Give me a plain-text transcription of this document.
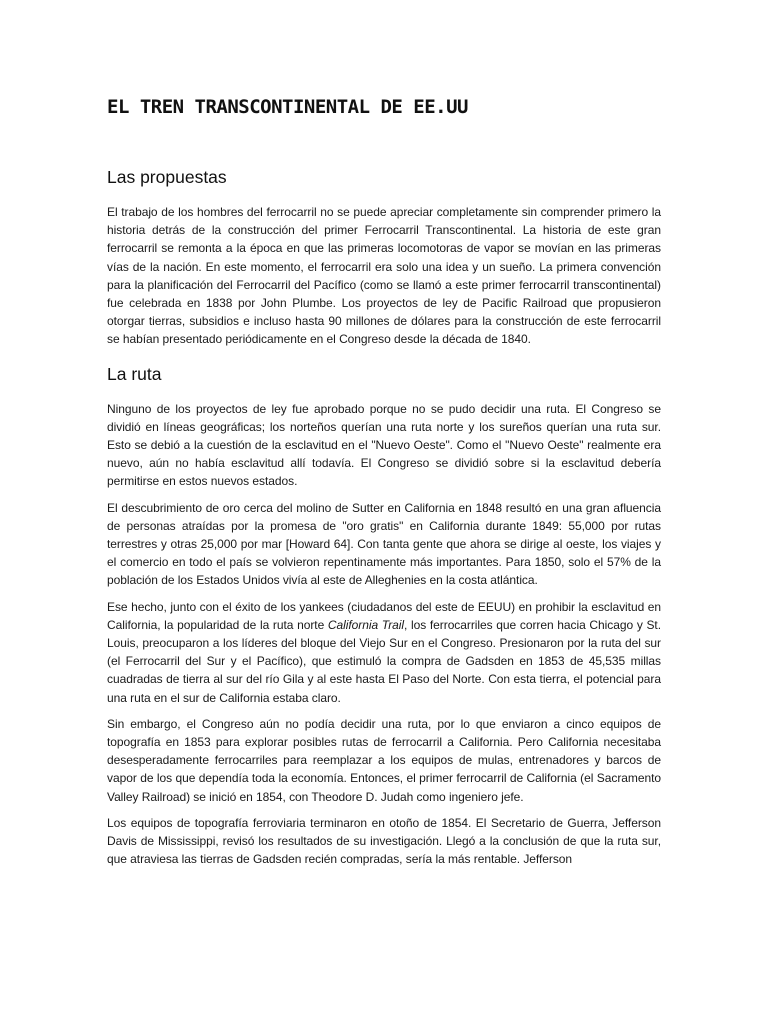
EL TREN TRANSCONTINENTAL DE EE.UU
Las propuestas

El trabajo de los hombres del ferrocarril no se puede apreciar completamente sin comprender primero la historia detrás de la construcción del primer Ferrocarril Transcontinental. La historia de este gran ferrocarril se remonta a la época en que las primeras locomotoras de vapor se movían en las primeras vías de la nación. En este momento, el ferrocarril era solo una idea y un sueño. La primera convención para la planificación del Ferrocarril del Pacífico (como se llamó a este primer ferrocarril transcontinental) fue celebrada en 1838 por John Plumbe. Los proyectos de ley de Pacific Railroad que propusieron otorgar tierras, subsidios e incluso hasta 90 millones de dólares para la construcción de este ferrocarril se habían presentado periódicamente en el Congreso desde la década de 1840.

La ruta

Ninguno de los proyectos de ley fue aprobado porque no se pudo decidir una ruta. El Congreso se dividió en líneas geográficas; los norteños querían una ruta norte y los sureños querían una ruta sur. Esto se debió a la cuestión de la esclavitud en el "Nuevo Oeste". Como el "Nuevo Oeste" realmente era nuevo, aún no había esclavitud allí todavía. El Congreso se dividió sobre si la esclavitud debería permitirse en estos nuevos estados.

El descubrimiento de oro cerca del molino de Sutter en California en 1848 resultó en una gran afluencia de personas atraídas por la promesa de "oro gratis" en California durante 1849: 55,000 por rutas terrestres y otras 25,000 por mar [Howard 64]. Con tanta gente que ahora se dirige al oeste, los viajes y el comercio en todo el país se volvieron repentinamente más importantes. Para 1850, solo el 57% de la población de los Estados Unidos vivía al este de Alleghenies en la costa atlántica.

Ese hecho, junto con el éxito de los yankees (ciudadanos del este de EEUU) en prohibir la esclavitud en California, la popularidad de la ruta norte California Trail, los ferrocarriles que corren hacia Chicago y St. Louis, preocuparon a los líderes del bloque del Viejo Sur en el Congreso. Presionaron por la ruta del sur (el Ferrocarril del Sur y el Pacífico), que estimuló la compra de Gadsden en 1853 de 45,535 millas cuadradas de tierra al sur del río Gila y al este hasta El Paso del Norte. Con esta tierra, el potencial para una ruta en el sur de California estaba claro.

Sin embargo, el Congreso aún no podía decidir una ruta, por lo que enviaron a cinco equipos de topografía en 1853 para explorar posibles rutas de ferrocarril a California. Pero California necesitaba desesperadamente ferrocarriles para reemplazar a los equipos de mulas, entrenadores y barcos de vapor de los que dependía toda la economía. Entonces, el primer ferrocarril de California (el Sacramento Valley Railroad) se inició en 1854, con Theodore D. Judah como ingeniero jefe.

Los equipos de topografía ferroviaria terminaron en otoño de 1854. El Secretario de Guerra, Jefferson Davis de Mississippi, revisó los resultados de su investigación. Llegó a la conclusión de que la ruta sur, que atraviesa las tierras de Gadsden recién compradas, sería la más rentable. Jefferson
